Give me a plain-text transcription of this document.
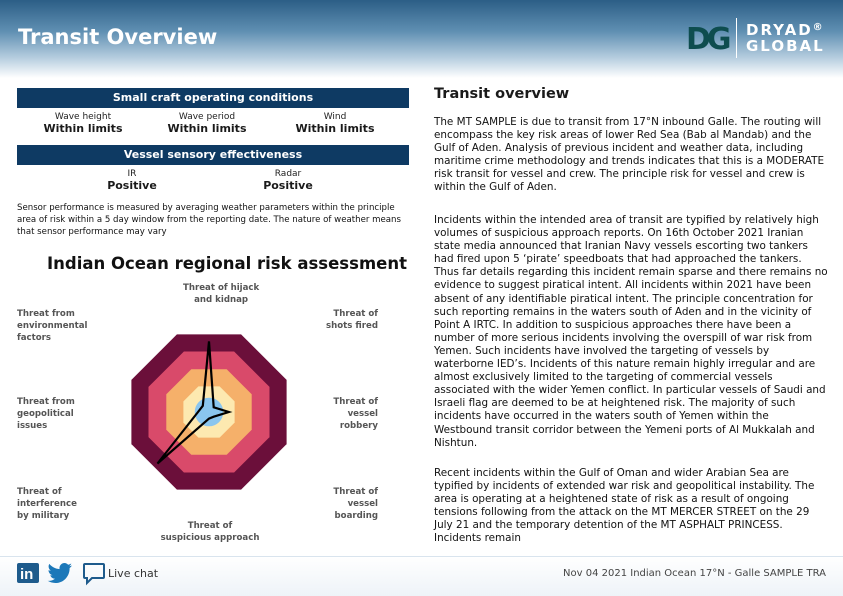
Transit Overview	DG DRYAD®
GLOBAL
Small craft operating conditions
Wave height
Within limits
Wave period
Within limits
Wind
Within limits
Vessel sensory effectiveness
IR
Positive
Radar
Positive
Sensor performance is measured by averaging weather parameters within the principle area of risk within a 5 day window from the reporting date. The nature of weather means that sensor performance may vary
Indian Ocean regional risk assessment
Threat of hijack
and kidnap
Threat of
shots fired
Threat of
vessel
robbery
Threat of
vessel
boarding
Threat of
suspicious approach
Threat of
interference
by military
Threat from
geopolitical
issues
Threat from
environmental
factors
Transit overview
The MT SAMPLE is due to transit from 17°N inbound Galle. The routing will encompass the key risk areas of lower Red Sea (Bab al Mandab) and the Gulf of Aden. Analysis of previous incident and weather data, including maritime crime methodology and trends indicates that this is a MODERATE risk transit for vessel and crew. The principle risk for vessel and crew is within the Gulf of Aden.
Incidents within the intended area of transit are typified by relatively high volumes of suspicious approach reports. On 16th October 2021 Iranian state media announced that Iranian Navy vessels escorting two tankers had fired upon 5 ‘pirate’ speedboats that had approached the tankers. Thus far details regarding this incident remain sparse and there remains no evidence to suggest piratical intent. All incidents within 2021 have been absent of any identifiable piratical intent. The principle concentration for such reporting remains in the waters south of Aden and in the vicinity of Point A IRTC. In addition to suspicious approaches there have been a number of more serious incidents involving the overspill of war risk from Yemen. Such incidents have involved the targeting of vessels by waterborne IED’s. Incidents of this nature remain highly irregular and are almost exclusively limited to the targeting of commercial vessels associated with the wider Yemen conflict. In particular vessels of Saudi and Israeli flag are deemed to be at heightened risk. The majority of such incidents have occurred in the waters south of Yemen within the Westbound transit corridor between the Yemeni ports of Al Mukkalah and Nishtun.
Recent incidents within the Gulf of Oman and wider Arabian Sea are typified by incidents of extended war risk and geopolitical instability. The area is operating at a heightened state of risk as a result of ongoing tensions following from the attack on the MT MERCER STREET on the 29 July 21 and the temporary detention of the MT ASPHALT PRINCESS. Incidents remain
in	Live chat	Nov 04 2021 Indian Ocean 17°N - Galle SAMPLE TRA
